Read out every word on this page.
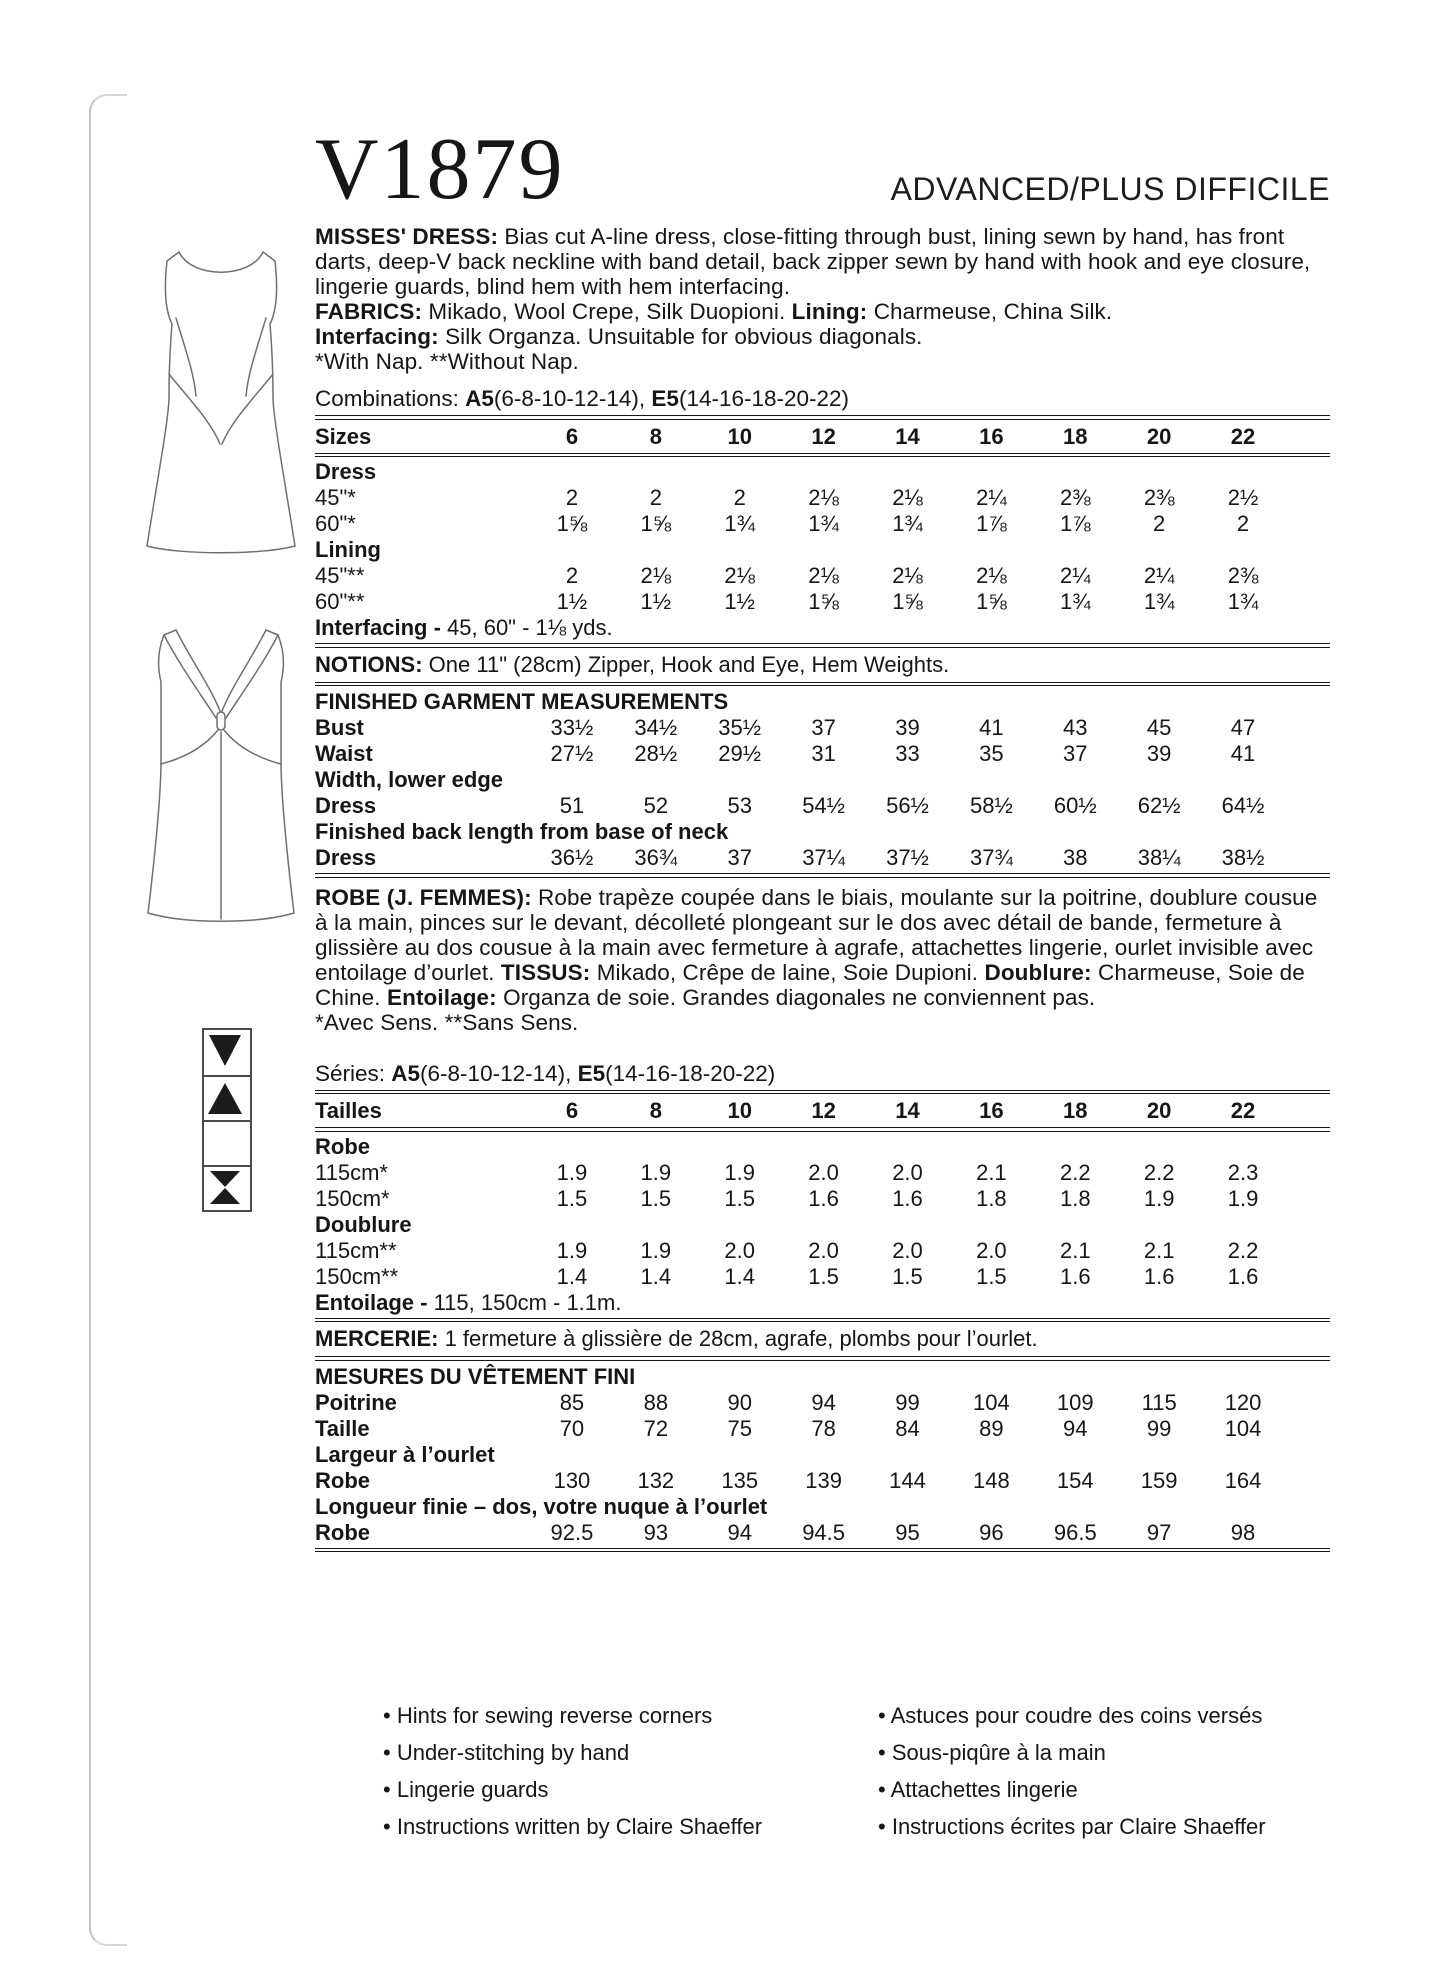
V1879	ADVANCED/PLUS DIFFICILE

MISSES' DRESS: Bias cut A-line dress, close-fitting through bust, lining sewn by hand, has front darts, deep-V back neckline with band detail, back zipper sewn by hand with hook and eye closure, lingerie guards, blind hem with hem interfacing.
FABRICS: Mikado, Wool Crepe, Silk Duopioni. Lining: Charmeuse, China Silk.
Interfacing: Silk Organza. Unsuitable for obvious diagonals.
*With Nap. **Without Nap.

Combinations: A5(6-8-10-12-14), E5(14-16-18-20-22)

Sizes	6	8	10	12	14	16	18	20	22
Dress
45"*	2	2	2	2⅛	2⅛	2¼	2⅜	2⅜	2½
60"*	1⅝	1⅝	1¾	1¾	1¾	1⅞	1⅞	2	2
Lining
45"**	2	2⅛	2⅛	2⅛	2⅛	2⅛	2¼	2¼	2⅜
60"**	1½	1½	1½	1⅝	1⅝	1⅝	1¾	1¾	1¾
Interfacing - 45, 60" - 1⅛ yds.
NOTIONS: One 11" (28cm) Zipper, Hook and Eye, Hem Weights.
FINISHED GARMENT MEASUREMENTS
Bust	33½	34½	35½	37	39	41	43	45	47
Waist	27½	28½	29½	31	33	35	37	39	41
Width, lower edge
Dress	51	52	53	54½	56½	58½	60½	62½	64½
Finished back length from base of neck
Dress	36½	36¾	37	37¼	37½	37¾	38	38¼	38½

ROBE (J. FEMMES): Robe trapèze coupée dans le biais, moulante sur la poitrine, doublure cousue à la main, pinces sur le devant, décolleté plongeant sur le dos avec détail de bande, fermeture à glissière au dos cousue à la main avec fermeture à agrafe, attachettes lingerie, ourlet invisible avec entoilage d’ourlet. TISSUS: Mikado, Crêpe de laine, Soie Dupioni. Doublure: Charmeuse, Soie de Chine. Entoilage: Organza de soie. Grandes diagonales ne conviennent pas.
*Avec Sens. **Sans Sens.

Séries: A5(6-8-10-12-14), E5(14-16-18-20-22)

Tailles	6	8	10	12	14	16	18	20	22
Robe
115cm*	1.9	1.9	1.9	2.0	2.0	2.1	2.2	2.2	2.3
150cm*	1.5	1.5	1.5	1.6	1.6	1.8	1.8	1.9	1.9
Doublure
115cm**	1.9	1.9	2.0	2.0	2.0	2.0	2.1	2.1	2.2
150cm**	1.4	1.4	1.4	1.5	1.5	1.5	1.6	1.6	1.6
Entoilage - 115, 150cm - 1.1m.
MERCERIE: 1 fermeture à glissière de 28cm, agrafe, plombs pour l’ourlet.
MESURES DU VÊTEMENT FINI
Poitrine	85	88	90	94	99	104	109	115	120
Taille	70	72	75	78	84	89	94	99	104
Largeur à l’ourlet
Robe	130	132	135	139	144	148	154	159	164
Longueur finie – dos, votre nuque à l’ourlet
Robe	92.5	93	94	94.5	95	96	96.5	97	98
• Hints for sewing reverse corners
• Under-stitching by hand
• Lingerie guards
• Instructions written by Claire Shaeffer
• Astuces pour coudre des coins versés
• Sous-piqûre à la main
• Attachettes lingerie
• Instructions écrites par Claire Shaeffer
